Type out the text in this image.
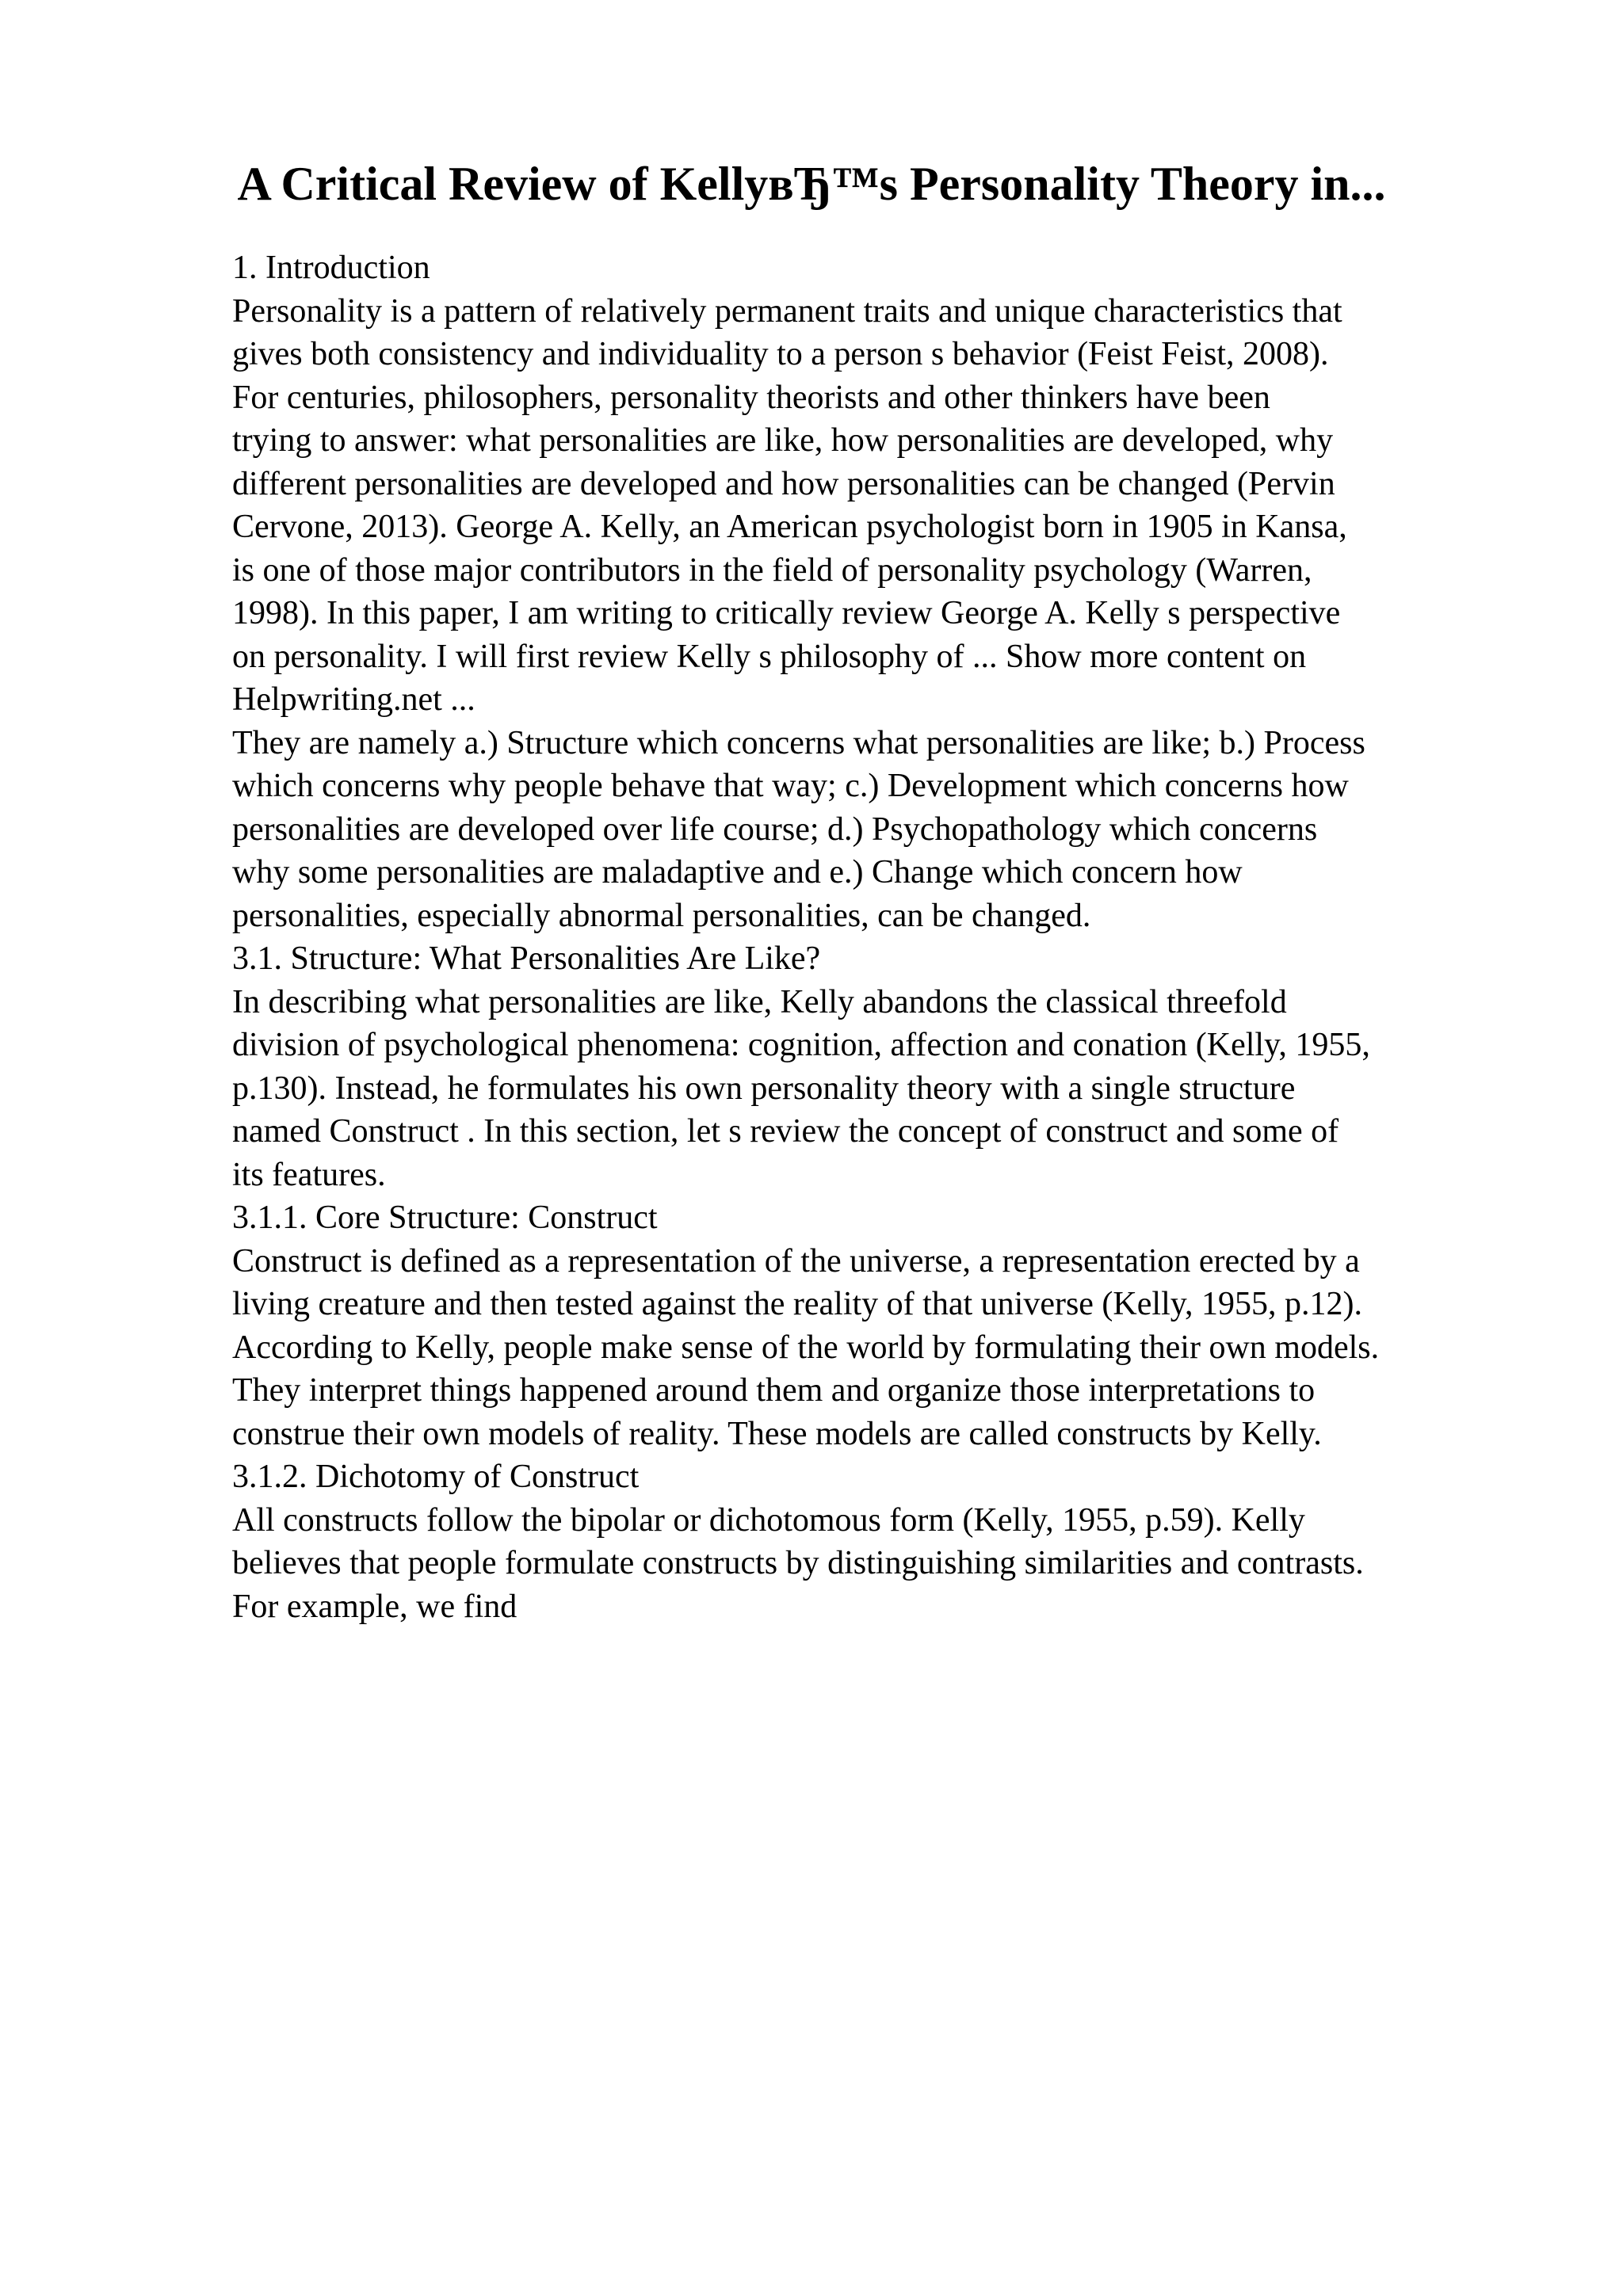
A Critical Review of KellyвЂ™s Personality Theory in...
1. Introduction
Personality is a pattern of relatively permanent traits and unique characteristics that
gives both consistency and individuality to a person s behavior (Feist Feist, 2008).
For centuries, philosophers, personality theorists and other thinkers have been
trying to answer: what personalities are like, how personalities are developed, why
different personalities are developed and how personalities can be changed (Pervin
Cervone, 2013). George A. Kelly, an American psychologist born in 1905 in Kansa,
is one of those major contributors in the field of personality psychology (Warren,
1998). In this paper, I am writing to critically review George A. Kelly s perspective
on personality. I will first review Kelly s philosophy of ... Show more content on
Helpwriting.net ...
They are namely a.) Structure which concerns what personalities are like; b.) Process
which concerns why people behave that way; c.) Development which concerns how
personalities are developed over life course; d.) Psychopathology which concerns
why some personalities are maladaptive and e.) Change which concern how
personalities, especially abnormal personalities, can be changed.
3.1. Structure: What Personalities Are Like?
In describing what personalities are like, Kelly abandons the classical threefold
division of psychological phenomena: cognition, affection and conation (Kelly, 1955,
p.130). Instead, he formulates his own personality theory with a single structure
named Construct . In this section, let s review the concept of construct and some of
its features.
3.1.1. Core Structure: Construct
Construct is defined as a representation of the universe, a representation erected by a
living creature and then tested against the reality of that universe (Kelly, 1955, p.12).
According to Kelly, people make sense of the world by formulating their own models.
They interpret things happened around them and organize those interpretations to
construe their own models of reality. These models are called constructs by Kelly.
3.1.2. Dichotomy of Construct
All constructs follow the bipolar or dichotomous form (Kelly, 1955, p.59). Kelly
believes that people formulate constructs by distinguishing similarities and contrasts.
For example, we find
